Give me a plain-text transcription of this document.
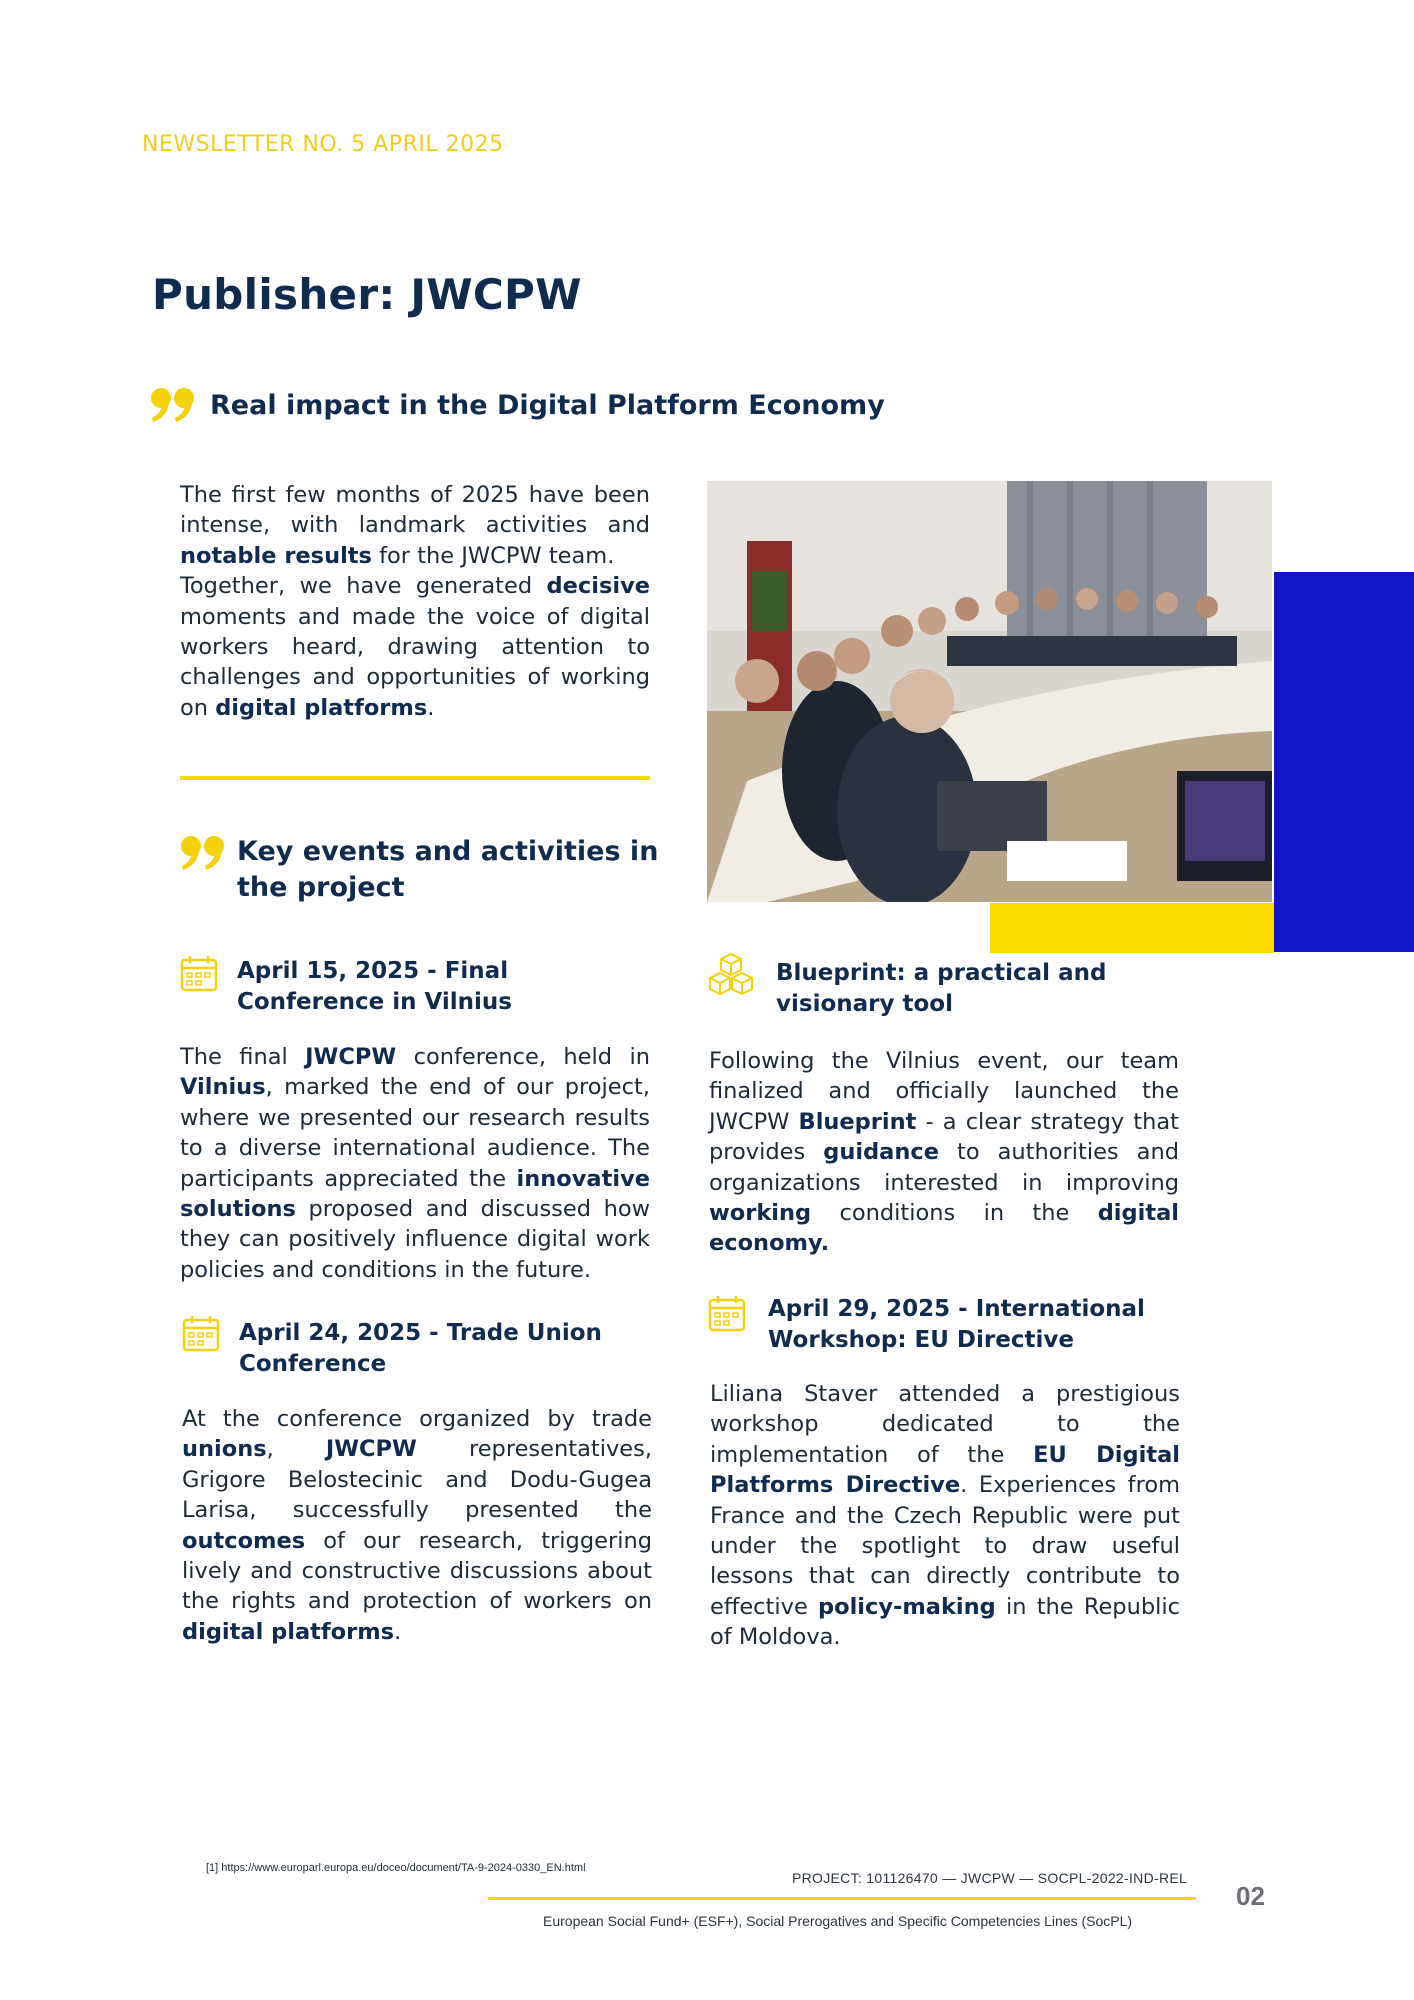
NEWSLETTER NO. 5 APRIL 2025
Publisher: JWCPW
Real impact in the Digital Platform Economy

The first few months of 2025 have been intense, with landmark activities and notable results for the JWCPW team.

Together, we have generated decisive moments and made the voice of digital workers heard, drawing attention to challenges and opportunities of working on digital platforms.

Key events and activities in
the project
April 15, 2025 - Final
Conference in Vilnius

The final JWCPW conference, held in Vilnius, marked the end of our project, where we presented our research results to a diverse international audience. The participants appreciated the innovative solutions proposed and discussed how they can positively influence digital work policies and conditions in the future.

April 24, 2025 - Trade Union
Conference

At the conference organized by trade unions, JWCPW representatives, Grigore Belostecinic and Dodu-Gugea Larisa, successfully presented the outcomes of our research, triggering lively and constructive discussions about the rights and protection of workers on digital platforms.

Blueprint: a practical and
visionary tool

Following the Vilnius event, our team finalized and officially launched the JWCPW Blueprint - a clear strategy that provides guidance to authorities and organizations interested in improving working conditions in the digital economy.

April 29, 2025 - International
Workshop: EU Directive

Liliana Staver attended a prestigious workshop dedicated to the implementation of the EU Digital Platforms Directive. Experiences from France and the Czech Republic were put under the spotlight to draw useful lessons that can directly contribute to effective policy-making in the Republic of Moldova.

[1] https://www.europarl.europa.eu/doceo/document/TA-9-2024-0330_EN.html
PROJECT: 101126470 — JWCPW — SOCPL-2022-IND-REL
02
European Social Fund+ (ESF+), Social Prerogatives and Specific Competencies Lines (SocPL)
